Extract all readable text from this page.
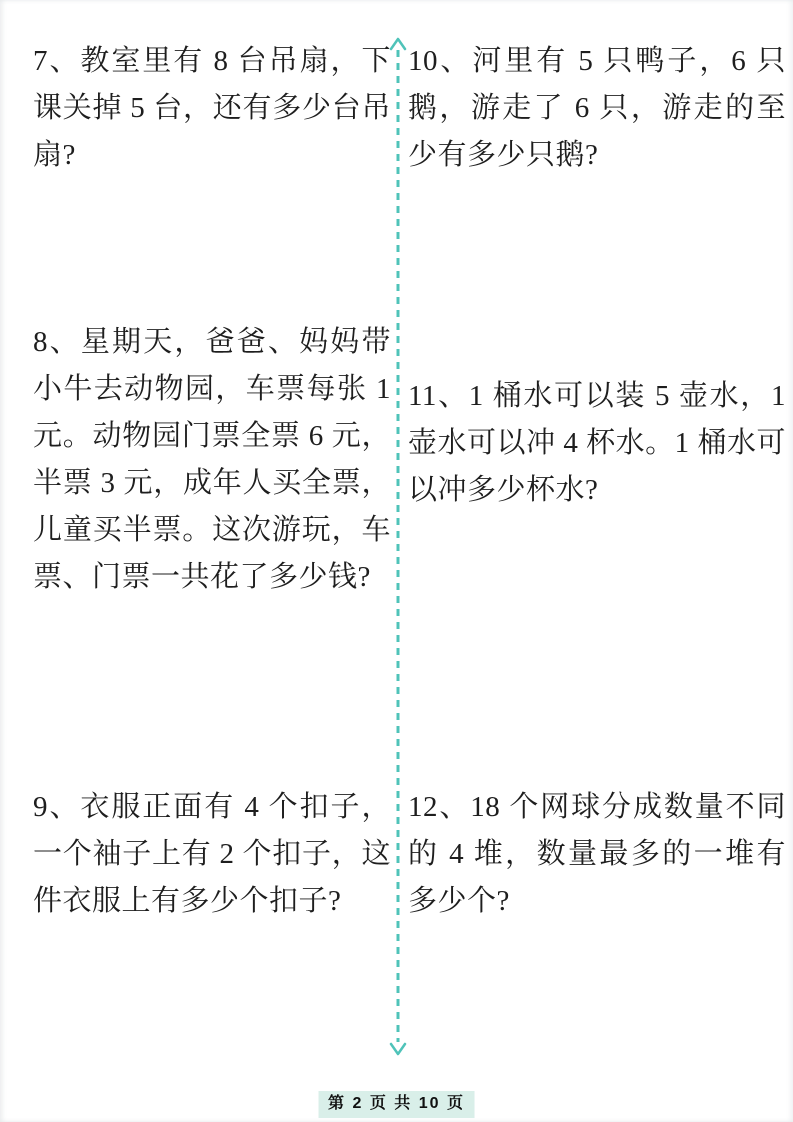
7、教室里有 8 台吊扇，下课关掉 5 台，还有多少台吊扇?
8、星期天，爸爸、妈妈带小牛去动物园，车票每张 1 元。动物园门票全票 6 元，半票 3 元，成年人买全票，儿童买半票。这次游玩，车票、门票一共花了多少钱?
9、衣服正面有 4 个扣子，一个袖子上有 2 个扣子，这件衣服上有多少个扣子?
10、河里有 5 只鸭子，6 只鹅，游走了 6 只，游走的至少有多少只鹅?
11、1 桶水可以装 5 壶水，1 壶水可以冲 4 杯水。1 桶水可以冲多少杯水?
12、18 个网球分成数量不同的 4 堆，数量最多的一堆有多少个?
第 2 页 共 10 页
